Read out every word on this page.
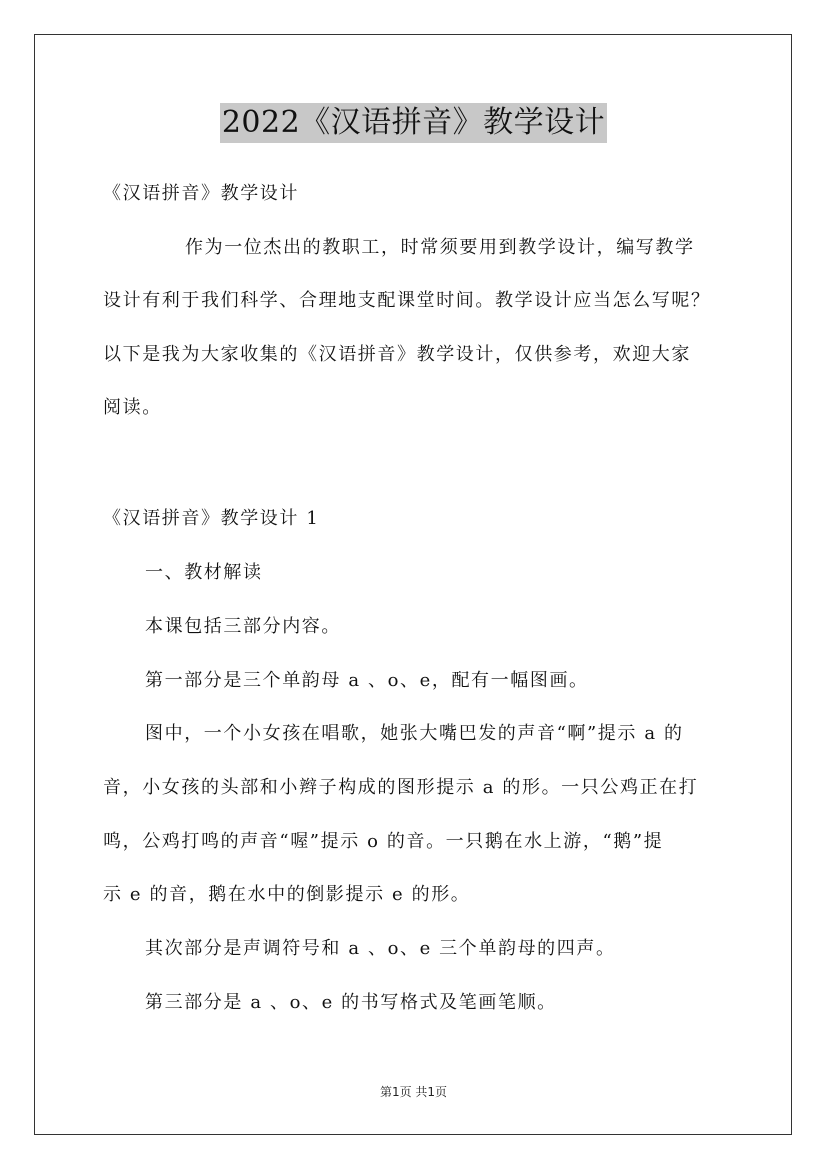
2022《汉语拼音》教学设计

《汉语拼音》教学设计

作为一位杰出的教职工，时常须要用到教学设计，编写教学

设计有利于我们科学、合理地支配课堂时间。教学设计应当怎么写呢？

以下是我为大家收集的《汉语拼音》教学设计，仅供参考，欢迎大家

阅读。

《汉语拼音》教学设计 1

一、教材解读

本课包括三部分内容。

第一部分是三个单韵母 a 、o、e，配有一幅图画。

图中，一个小女孩在唱歌，她张大嘴巴发的声音“啊”提示 a 的

音，小女孩的头部和小辫子构成的图形提示 a 的形。一只公鸡正在打

鸣，公鸡打鸣的声音“喔”提示 o 的音。一只鹅在水上游，“鹅”提

示 e 的音，鹅在水中的倒影提示 e 的形。

其次部分是声调符号和 a 、o、e 三个单韵母的四声。

第三部分是 a 、o、e 的书写格式及笔画笔顺。

第1页 共1页
